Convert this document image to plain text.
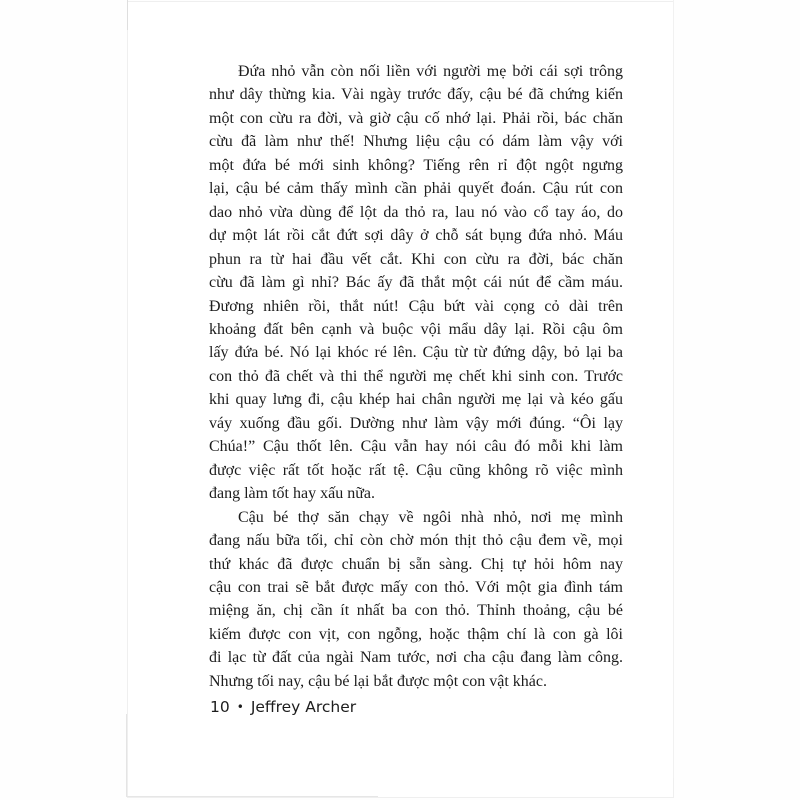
Đứa nhỏ vẫn còn nối liền với người mẹ bởi cái sợi trông
như dây thừng kia. Vài ngày trước đấy, cậu bé đã chứng kiến
một con cừu ra đời, và giờ cậu cố nhớ lại. Phải rồi, bác chăn
cừu đã làm như thế! Nhưng liệu cậu có dám làm vậy với
một đứa bé mới sinh không? Tiếng rên rỉ đột ngột ngưng
lại, cậu bé cảm thấy mình cần phải quyết đoán. Cậu rút con
dao nhỏ vừa dùng để lột da thỏ ra, lau nó vào cổ tay áo, do
dự một lát rồi cắt đứt sợi dây ở chỗ sát bụng đứa nhỏ. Máu
phun ra từ hai đầu vết cắt. Khi con cừu ra đời, bác chăn
cừu đã làm gì nhỉ? Bác ấy đã thắt một cái nút để cầm máu.
Đương nhiên rồi, thắt nút! Cậu bứt vài cọng cỏ dài trên
khoảng đất bên cạnh và buộc vội mẩu dây lại. Rồi cậu ôm
lấy đứa bé. Nó lại khóc ré lên. Cậu từ từ đứng dậy, bỏ lại ba
con thỏ đã chết và thi thể người mẹ chết khi sinh con. Trước
khi quay lưng đi, cậu khép hai chân người mẹ lại và kéo gấu
váy xuống đầu gối. Dường như làm vậy mới đúng. “Ôi lạy
Chúa!” Cậu thốt lên. Cậu vẫn hay nói câu đó mỗi khi làm
được việc rất tốt hoặc rất tệ. Cậu cũng không rõ việc mình
đang làm tốt hay xấu nữa.
Cậu bé thợ săn chạy về ngôi nhà nhỏ, nơi mẹ mình
đang nấu bữa tối, chỉ còn chờ món thịt thỏ cậu đem về, mọi
thứ khác đã được chuẩn bị sẵn sàng. Chị tự hỏi hôm nay
cậu con trai sẽ bắt được mấy con thỏ. Với một gia đình tám
miệng ăn, chị cần ít nhất ba con thỏ. Thỉnh thoảng, cậu bé
kiếm được con vịt, con ngỗng, hoặc thậm chí là con gà lôi
đi lạc từ đất của ngài Nam tước, nơi cha cậu đang làm công.
Nhưng tối nay, cậu bé lại bắt được một con vật khác.
10 • Jeffrey Archer
